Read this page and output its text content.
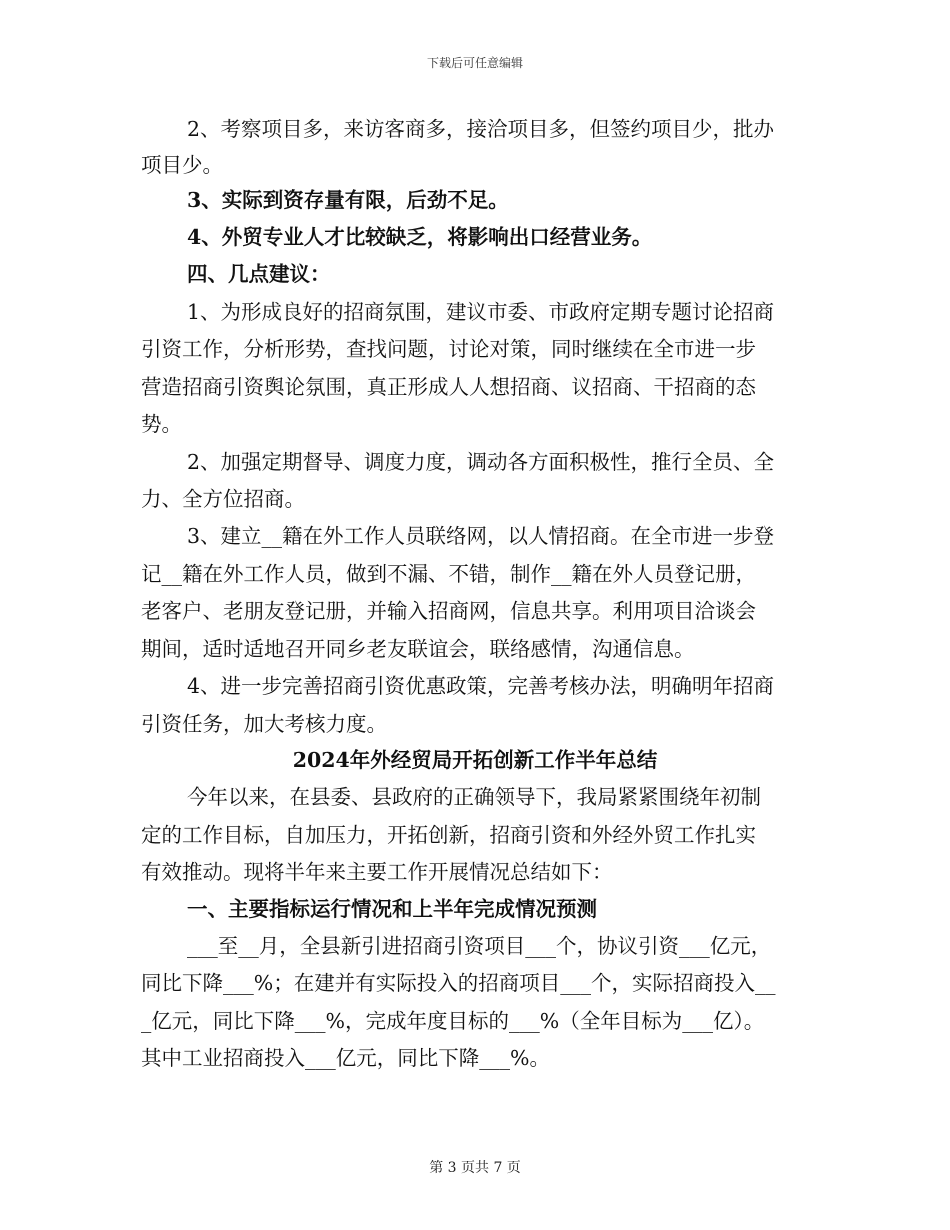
下载后可任意编辑
2、考察项目多，来访客商多，接洽项目多，但签约项目少，批办
项目少。
3、实际到资存量有限，后劲不足。
4、外贸专业人才比较缺乏，将影响出口经营业务。
四、几点建议：
1、为形成良好的招商氛围，建议市委、市政府定期专题讨论招商
引资工作，分析形势，查找问题，讨论对策，同时继续在全市进一步
营造招商引资舆论氛围，真正形成人人想招商、议招商、干招商的态
势。
2、加强定期督导、调度力度，调动各方面积极性，推行全员、全
力、全方位招商。
3、建立__籍在外工作人员联络网，以人情招商。在全市进一步登
记__籍在外工作人员，做到不漏、不错，制作__籍在外人员登记册，
老客户、老朋友登记册，并输入招商网，信息共享。利用项目洽谈会
期间，适时适地召开同乡老友联谊会，联络感情，沟通信息。
4、进一步完善招商引资优惠政策，完善考核办法，明确明年招商
引资任务，加大考核力度。
2024年外经贸局开拓创新工作半年总结
今年以来，在县委、县政府的正确领导下，我局紧紧围绕年初制
定的工作目标，自加压力，开拓创新，招商引资和外经外贸工作扎实
有效推动。现将半年来主要工作开展情况总结如下：
一、主要指标运行情况和上半年完成情况预测
___至__月，全县新引进招商引资项目___个，协议引资___亿元，
同比下降___%；在建并有实际投入的招商项目___个，实际招商投入__
_亿元，同比下降___%，完成年度目标的___%（全年目标为___亿）。
其中工业招商投入___亿元，同比下降___%。
第 3 页共 7 页
